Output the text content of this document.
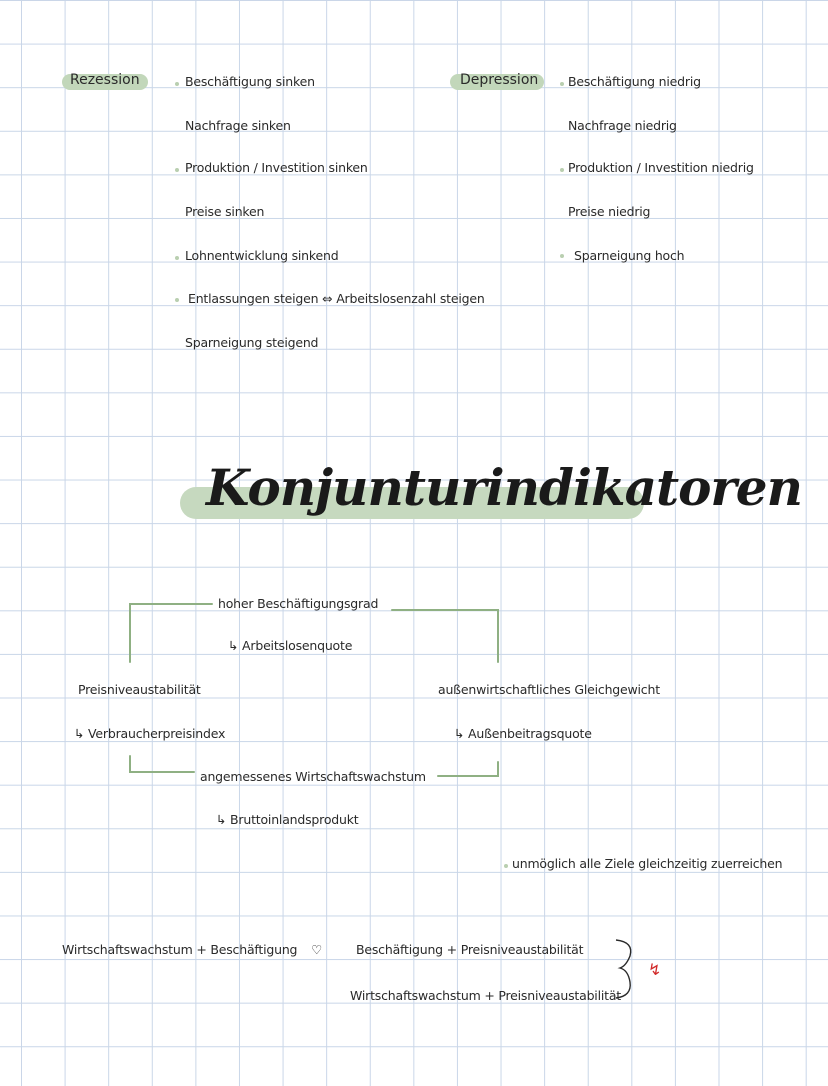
Rezession	Beschäftigung sinken
Nachfrage sinken
Produktion / Investition sinken
Preise sinken
Lohnentwicklung sinkend
Entlassungen steigen ⇔ Arbeitslosenzahl steigen
Sparneigung steigend
Depression Beschäftigung niedrig
Nachfrage niedrig
Produktion / Investition niedrig
Preise niedrig
Sparneigung hoch
Konjunturindikatoren
hoher Beschäftigungsgrad
↳ Arbeitslosenquote
Preisniveaustabilität
↳ Verbraucherpreisindex
außenwirtschaftliches Gleichgewicht
↳ Außenbeitragsquote
angemessenes Wirtschaftswachstum
↳ Bruttoinlandsprodukt
unmöglich alle Ziele gleichzeitig zuerreichen
Wirtschaftswachstum + Beschäftigung ♡	Beschäftigung + Preisniveaustabilität
Wirtschaftswachstum + Preisniveaustabilität
↯
